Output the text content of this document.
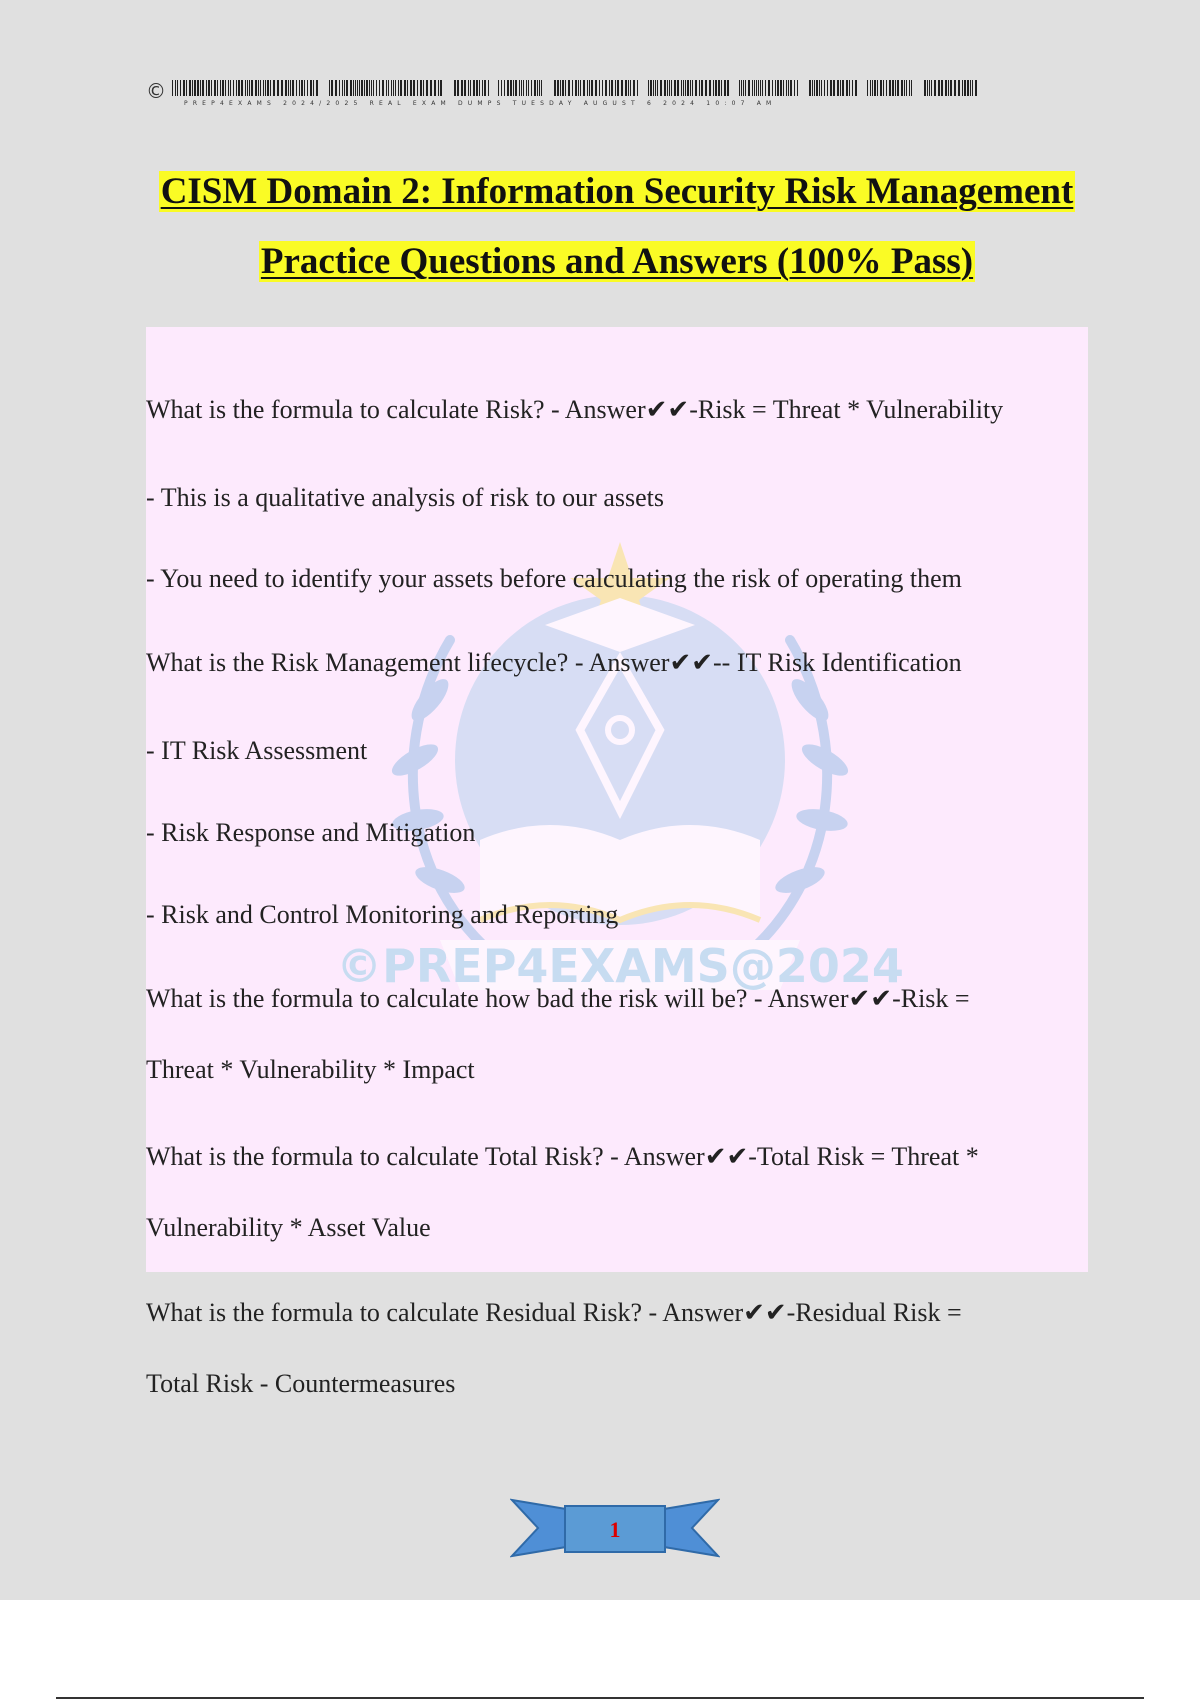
©
PREP4EXAMS 2024/2025 REAL EXAM DUMPS TUESDAY AUGUST 6 2024 10:07 AM
CISM Domain 2: Information Security Risk Management
Practice Questions and Answers (100% Pass)
©PREP4EXAMS@2024
What is the formula to calculate Risk? - Answer✔✔-Risk = Threat * Vulnerability
- This is a qualitative analysis of risk to our assets
- You need to identify your assets before calculating the risk of operating them
What is the Risk Management lifecycle? - Answer✔✔-- IT Risk Identification
- IT Risk Assessment
- Risk Response and Mitigation
- Risk and Control Monitoring and Reporting
What is the formula to calculate how bad the risk will be? - Answer✔✔-Risk =
Threat * Vulnerability * Impact
What is the formula to calculate Total Risk? - Answer✔✔-Total Risk = Threat *
Vulnerability * Asset Value
What is the formula to calculate Residual Risk? - Answer✔✔-Residual Risk =
Total Risk - Countermeasures
1
